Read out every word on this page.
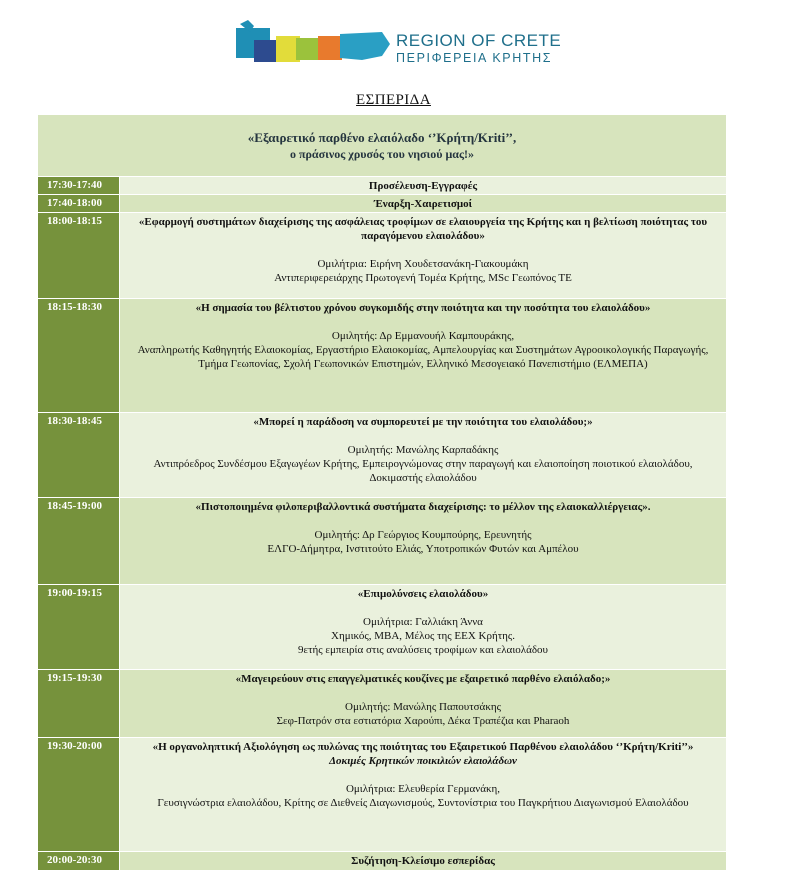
REGION OF CRETE
ΠΕΡΙΦΕΡΕΙΑ ΚΡΗΤΗΣ
ΕΣΠΕΡΙΔΑ
«Εξαιρετικό παρθένο ελαιόλαδο ‘’Κρήτη/Kriti’’,
ο πράσινος χρυσός του νησιού μας!»
17:30-17:40	Προσέλευση-Εγγραφές
17:40-18:00	Έναρξη-Χαιρετισμοί
18:00-18:15	«Εφαρμογή συστημάτων διαχείρισης της ασφάλειας τροφίμων σε ελαιουργεία της Κρήτης και η βελτίωση ποιότητας του παραγόμενου ελαιολάδου»
Ομιλήτρια: Ειρήνη Χουδετσανάκη-Γιακουμάκη
Αντιπεριφερειάρχης Πρωτογενή Τομέα Κρήτης, MSc Γεωπόνος ΤΕ
18:15-18:30	«Η σημασία του βέλτιστου χρόνου συγκομιδής στην ποιότητα και την ποσότητα του ελαιολάδου»
Ομιλητής: Δρ Εμμανουήλ Καμπουράκης,
Αναπληρωτής Καθηγητής Ελαιοκομίας, Εργαστήριο Ελαιοκομίας, Αμπελουργίας και Συστημάτων Αγροοικολογικής Παραγωγής, Τμήμα Γεωπονίας, Σχολή Γεωπονικών Επιστημών, Ελληνικό Μεσογειακό Πανεπιστήμιο (ΕΛΜΕΠΑ)
18:30-18:45	«Μπορεί η παράδοση να συμπορευτεί με την ποιότητα του ελαιολάδου;»
Ομιλητής: Μανώλης Καρπαδάκης
Αντιπρόεδρος Συνδέσμου Εξαγωγέων Κρήτης, Εμπειρογνώμονας στην παραγωγή και ελαιοποίηση ποιοτικού ελαιολάδου, Δοκιμαστής ελαιολάδου
18:45-19:00	«Πιστοποιημένα φιλοπεριβαλλοντικά συστήματα διαχείρισης: το μέλλον της ελαιοκαλλιέργειας».
Ομιλητής: Δρ Γεώργιος Κουμπούρης, Ερευνητής
ΕΛΓΟ-Δήμητρα, Ινστιτούτο Ελιάς, Υποτροπικών Φυτών και Αμπέλου
19:00-19:15	«Επιμολύνσεις ελαιολάδου»
Ομιλήτρια: Γαλλιάκη Άννα
Χημικός, MBA, Μέλος της ΕΕΧ Κρήτης.
9ετής εμπειρία στις αναλύσεις τροφίμων και ελαιολάδου
19:15-19:30	«Μαγειρεύουν στις επαγγελματικές κουζίνες με εξαιρετικό παρθένο ελαιόλαδο;»
Ομιλητής: Μανώλης Παπουτσάκης
Σεφ-Πατρόν στα εστιατόρια Χαρούπι, Δέκα Τραπέζια και Pharaoh
19:30-20:00	«Η οργανοληπτική Αξιολόγηση ως πυλώνας της ποιότητας του Εξαιρετικού Παρθένου ελαιολάδου ‘’Κρήτη/Kriti’’»
Δοκιμές Κρητικών ποικιλιών ελαιολάδων
Ομιλήτρια: Ελευθερία Γερμανάκη,
Γευσιγνώστρια ελαιολάδου, Κρίτης σε Διεθνείς Διαγωνισμούς, Συντονίστρια του Παγκρήτιου Διαγωνισμού Ελαιολάδου
20:00-20:30	Συζήτηση-Κλείσιμο εσπερίδας
